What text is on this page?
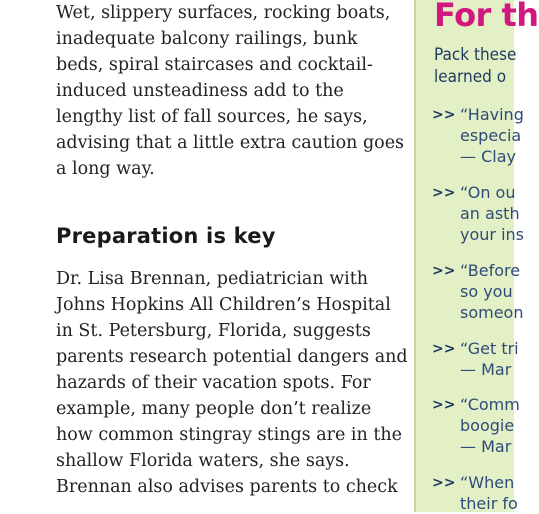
Wet, slippery surfaces, rocking boats,
inadequate balcony railings, bunk
beds, spiral staircases and cocktail-
induced unsteadiness add to the
lengthy list of fall sources, he says,
advising that a little extra caution goes
a long way.

Preparation is key

Dr. Lisa Brennan, pediatrician with
Johns Hopkins All Children’s Hospital
in St. Petersburg, Florida, suggests
parents research potential dangers and
hazards of their vacation spots. For
example, many people don’t realize
how common stingray stings are in the
shallow Florida waters, she says.
Brennan also advises parents to check

For th
Pack these
learned o
>> “Having
especia
— Clay
>> “On ou
an asth
your ins
>> “Before
so you
someon
>> “Get tri
— Mar
>> “Comm
boogie
— Mar
>> “When
their fo
